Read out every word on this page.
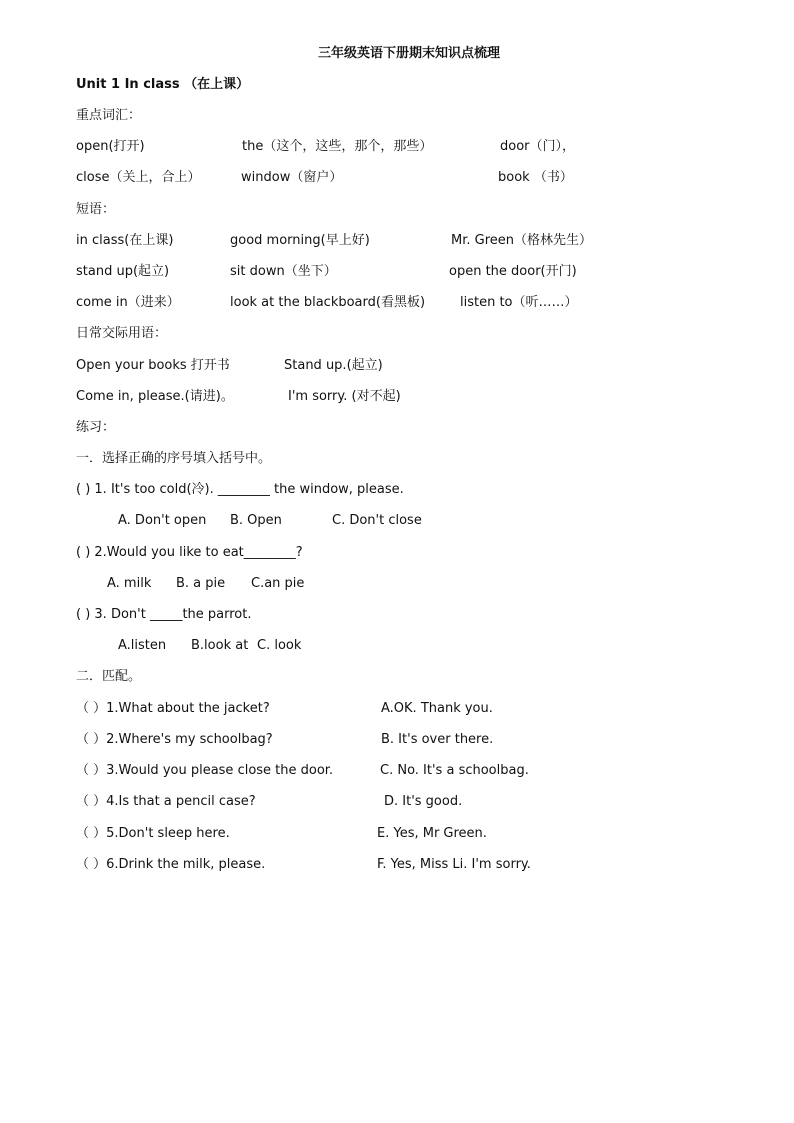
三年级英语下册期末知识点梳理
Unit 1 In class （在上课）
重点词汇：
open(打开)	the（这个，这些，那个，那些）	door（门），
close（关上，合上）	window（窗户）	book （书）
短语：
in class(在上课)	good morning(早上好)	Mr. Green（格林先生）
stand up(起立)	sit down（坐下）	open the door(开门)
come in（进来）	look at the blackboard(看黑板)	listen to（听……）
日常交际用语：
Open your books 打开书	Stand up.(起立)
Come in, please.(请进)。	I'm sorry. (对不起)
练习：
一．选择正确的序号填入括号中。
( ) 1. It's too cold(冷). ________ the window, please.
A. Don't open B. Open	C. Don't close
( ) 2.Would you like to eat________?
A. milk B. a pie C.an pie
( ) 3. Don't _____the parrot.
A.listen B.look at C. look
二．匹配。
（ ）1.What about the jacket?	A.OK. Thank you.
（ ）2.Where's my schoolbag?	B. It's over there.
（ ）3.Would you please close the door.	C. No. It's a schoolbag.
（ ）4.Is that a pencil case?	D. It's good.
（ ）5.Don't sleep here.	E. Yes, Mr Green.
（ ）6.Drink the milk, please.	F. Yes, Miss Li. I'm sorry.
